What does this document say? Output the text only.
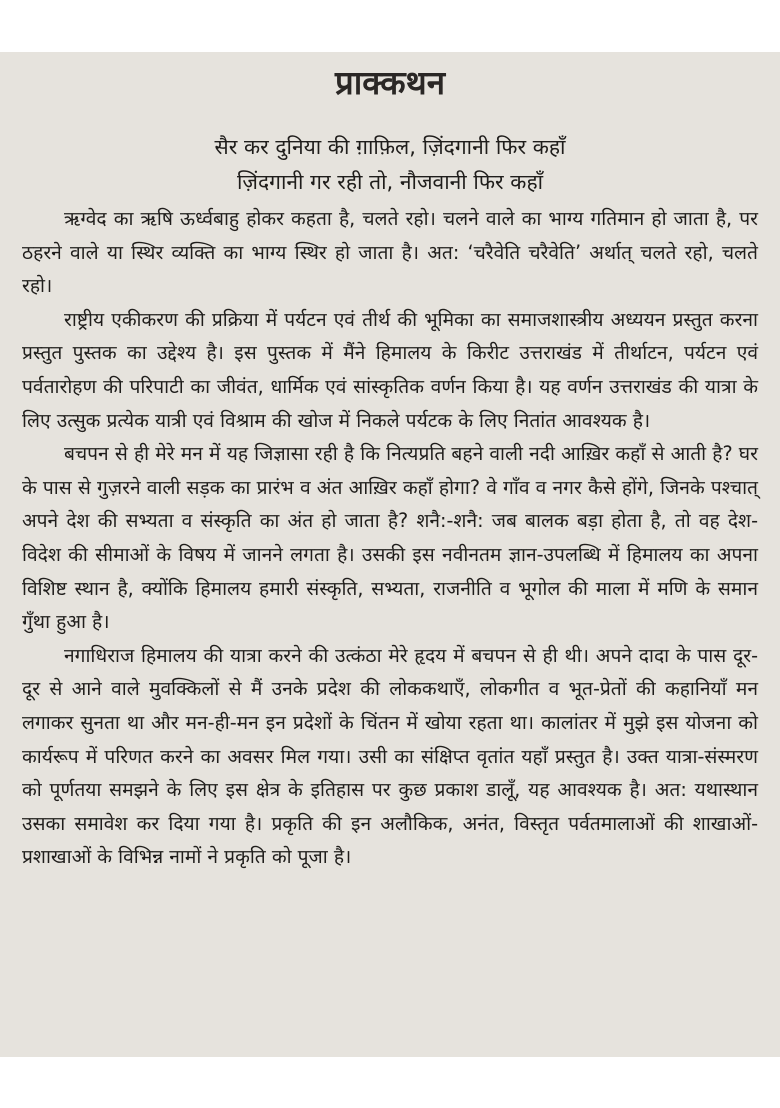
प्राक्कथन
सैर कर दुनिया की ग़ाफ़िल, ज़िंदगानी फिर कहाँ
ज़िंदगानी गर रही तो, नौजवानी फिर कहाँ

ऋग्वेद का ऋषि ऊर्ध्वबाहु होकर कहता है, चलते रहो। चलने वाले का भाग्य गतिमान हो जाता है, पर ठहरने वाले या स्थिर व्यक्ति का भाग्य स्थिर हो जाता है। अत: ‘चरैवेति चरैवेति’ अर्थात् चलते रहो, चलते रहो।

राष्ट्रीय एकीकरण की प्रक्रिया में पर्यटन एवं तीर्थ की भूमिका का समाजशास्त्रीय अध्ययन प्रस्तुत करना प्रस्तुत पुस्तक का उद्देश्य है। इस पुस्तक में मैंने हिमालय के किरीट उत्तराखंड में तीर्थाटन, पर्यटन एवं पर्वतारोहण की परिपाटी का जीवंत, धार्मिक एवं सांस्कृतिक वर्णन किया है। यह वर्णन उत्तराखंड की यात्रा के लिए उत्सुक प्रत्येक यात्री एवं विश्राम की खोज में निकले पर्यटक के लिए नितांत आवश्यक है।

बचपन से ही मेरे मन में यह जिज्ञासा रही है कि नित्यप्रति बहने वाली नदी आख़िर कहाँ से आती है? घर के पास से गुज़रने वाली सड़क का प्रारंभ व अंत आख़िर कहाँ होगा? वे गाँव व नगर कैसे होंगे, जिनके पश्चात् अपने देश की सभ्यता व संस्कृति का अंत हो जाता है? शनै:-शनै: जब बालक बड़ा होता है, तो वह देश-विदेश की सीमाओं के विषय में जानने लगता है। उसकी इस नवीनतम ज्ञान-उपलब्धि में हिमालय का अपना विशिष्ट स्थान है, क्योंकि हिमालय हमारी संस्कृति, सभ्यता, राजनीति व भूगोल की माला में मणि के समान गुँथा हुआ है।

नगाधिराज हिमालय की यात्रा करने की उत्कंठा मेरे हृदय में बचपन से ही थी। अपने दादा के पास दूर-दूर से आने वाले मुवक्किलों से मैं उनके प्रदेश की लोककथाएँ, लोकगीत व भूत-प्रेतों की कहानियाँ मन लगाकर सुनता था और मन-ही-मन इन प्रदेशों के चिंतन में खोया रहता था। कालांतर में मुझे इस योजना को कार्यरूप में परिणत करने का अवसर मिल गया। उसी का संक्षिप्त वृतांत यहाँ प्रस्तुत है। उक्त यात्रा-संस्मरण को पूर्णतया समझने के लिए इस क्षेत्र के इतिहास पर कुछ प्रकाश डालूँ, यह आवश्यक है। अत: यथास्थान उसका समावेश कर दिया गया है। प्रकृति की इन अलौकिक, अनंत, विस्तृत पर्वतमालाओं की शाखाओं-प्रशाखाओं के विभिन्न नामों ने प्रकृति को पूजा है।
